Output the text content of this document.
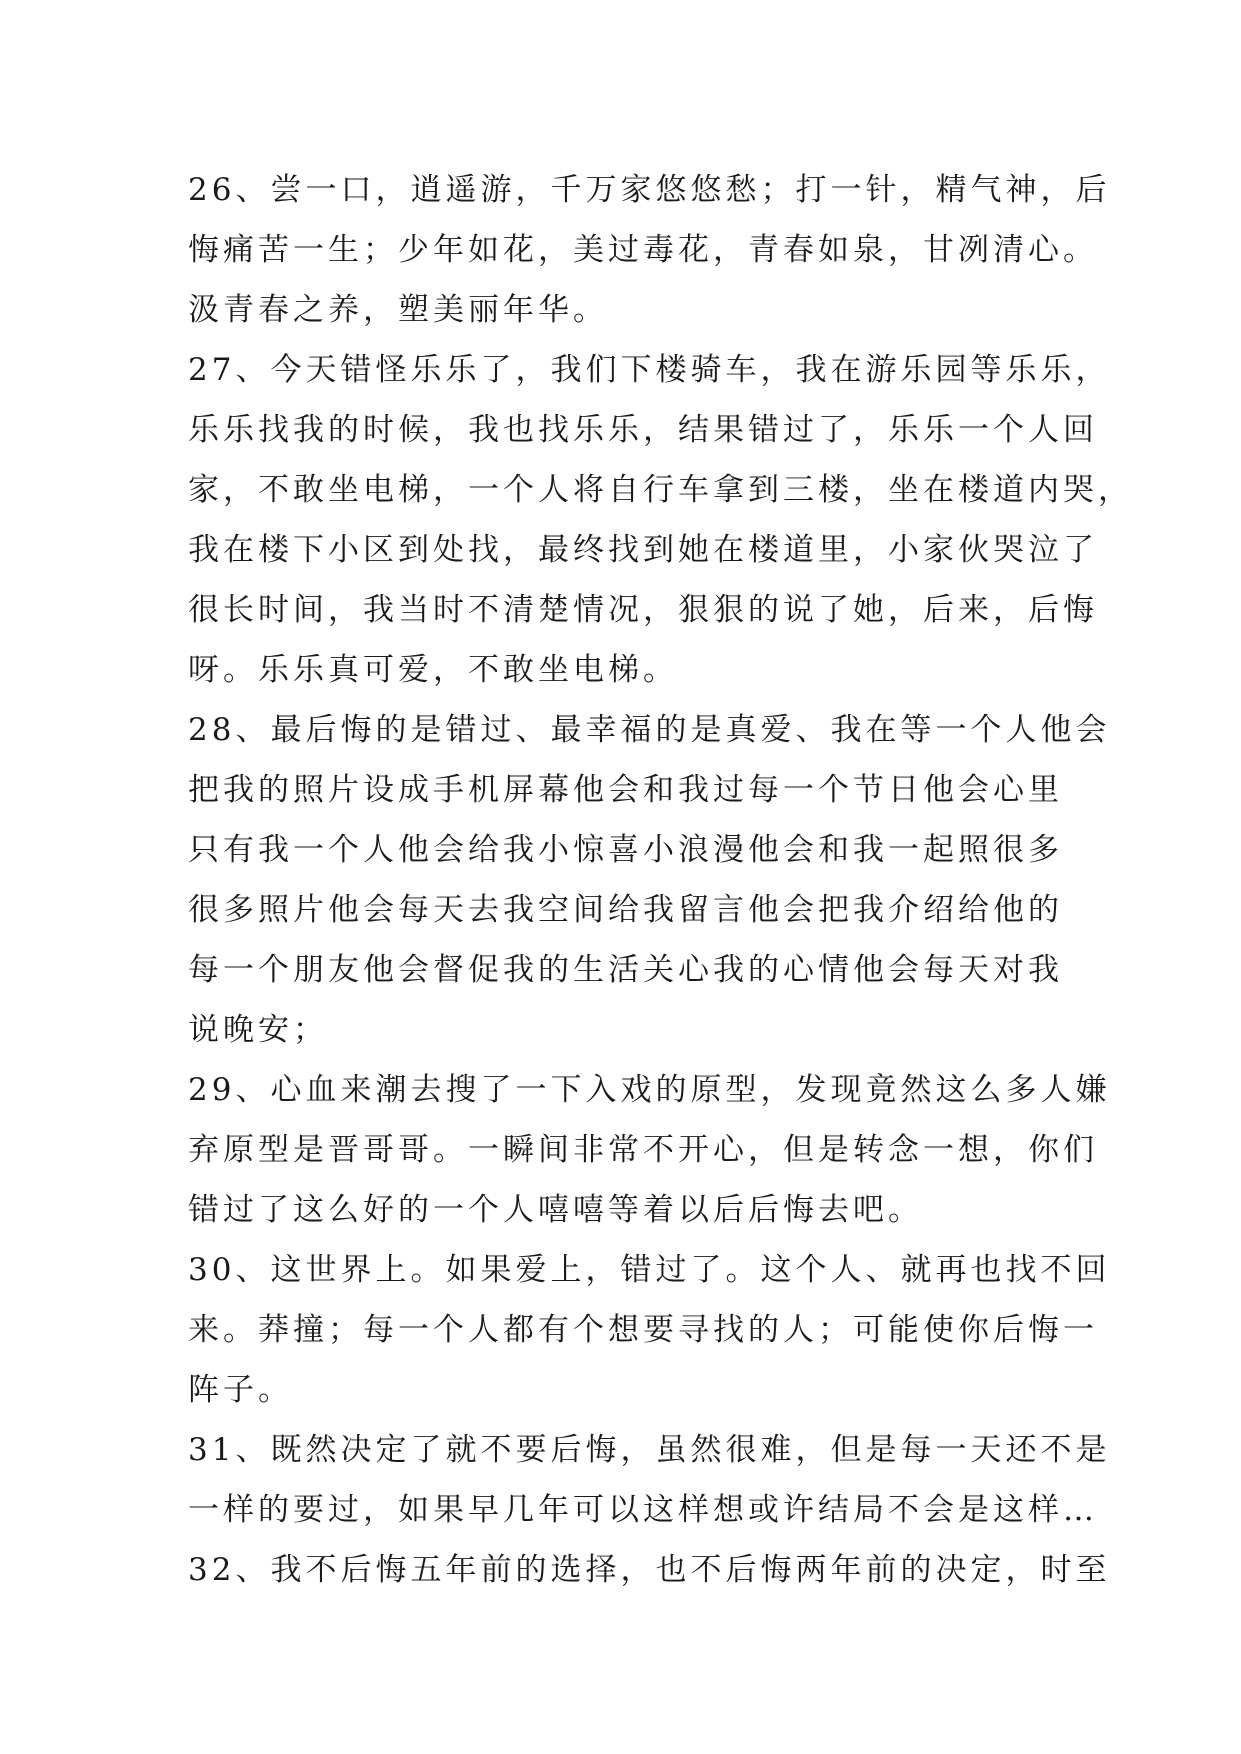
26、尝一口，逍遥游，千万家悠悠愁；打一针，精气神，后
悔痛苦一生；少年如花，美过毒花，青春如泉，甘冽清心。
汲青春之养，塑美丽年华。

27、今天错怪乐乐了，我们下楼骑车，我在游乐园等乐乐，
乐乐找我的时候，我也找乐乐，结果错过了，乐乐一个人回
家，不敢坐电梯，一个人将自行车拿到三楼，坐在楼道内哭，
我在楼下小区到处找，最终找到她在楼道里，小家伙哭泣了
很长时间，我当时不清楚情况，狠狠的说了她，后来，后悔
呀。乐乐真可爱，不敢坐电梯。

28、最后悔的是错过、最幸福的是真爱、我在等一个人他会
把我的照片设成手机屏幕他会和我过每一个节日他会心里
只有我一个人他会给我小惊喜小浪漫他会和我一起照很多
很多照片他会每天去我空间给我留言他会把我介绍给他的
每一个朋友他会督促我的生活关心我的心情他会每天对我
说晚安；

29、心血来潮去搜了一下入戏的原型，发现竟然这么多人嫌
弃原型是晋哥哥。一瞬间非常不开心，但是转念一想，你们
错过了这么好的一个人嘻嘻等着以后后悔去吧。

30、这世界上。如果爱上，错过了。这个人、就再也找不回
来。莽撞；每一个人都有个想要寻找的人；可能使你后悔一
阵子。

31、既然决定了就不要后悔，虽然很难，但是每一天还不是
一样的要过，如果早几年可以这样想或许结局不会是这样…

32、我不后悔五年前的选择，也不后悔两年前的决定，时至
